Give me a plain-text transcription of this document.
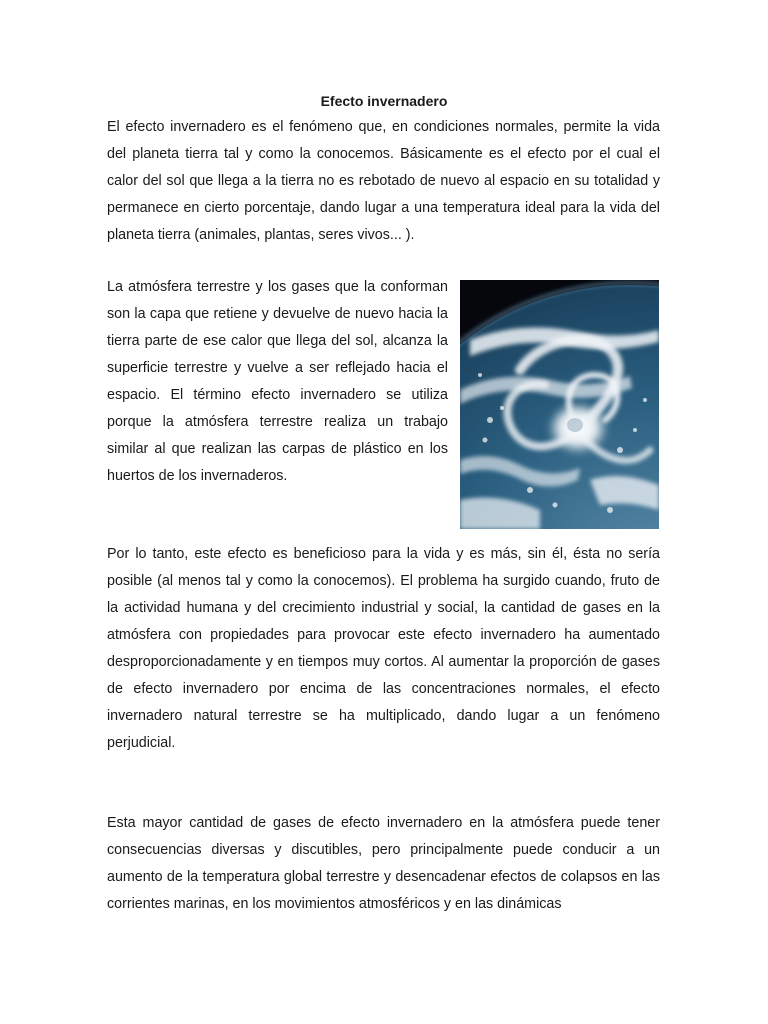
Efecto invernadero

El efecto invernadero es el fenómeno que, en condiciones normales, permite la vida del planeta tierra tal y como la conocemos. Básicamente es el efecto por el cual el calor del sol que llega a la tierra no es rebotado de nuevo al espacio en su totalidad y permanece en cierto porcentaje, dando lugar a una temperatura ideal para la vida del planeta tierra (animales, plantas, seres vivos... ).

La atmósfera terrestre y los gases que la conforman son la capa que retiene y devuelve de nuevo hacia la tierra parte de ese calor que llega del sol, alcanza la superficie terrestre y vuelve a ser reflejado hacia el espacio. El término efecto invernadero se utiliza porque la atmósfera terrestre realiza un trabajo similar al que realizan las carpas de plástico en los huertos de los invernaderos.

Por lo tanto, este efecto es beneficioso para la vida y es más, sin él, ésta no sería posible (al menos tal y como la conocemos). El problema ha surgido cuando, fruto de la actividad humana y del crecimiento industrial y social, la cantidad de gases en la atmósfera con propiedades para provocar este efecto invernadero ha aumentado desproporcionadamente y en tiempos muy cortos. Al aumentar la proporción de gases de efecto invernadero por encima de las concentraciones normales, el efecto invernadero natural terrestre se ha multiplicado, dando lugar a un fenómeno perjudicial.

Esta mayor cantidad de gases de efecto invernadero en la atmósfera puede tener consecuencias diversas y discutibles, pero principalmente puede conducir a un aumento de la temperatura global terrestre y desencadenar efectos de colapsos en las corrientes marinas, en los movimientos atmosféricos y en las dinámicas
